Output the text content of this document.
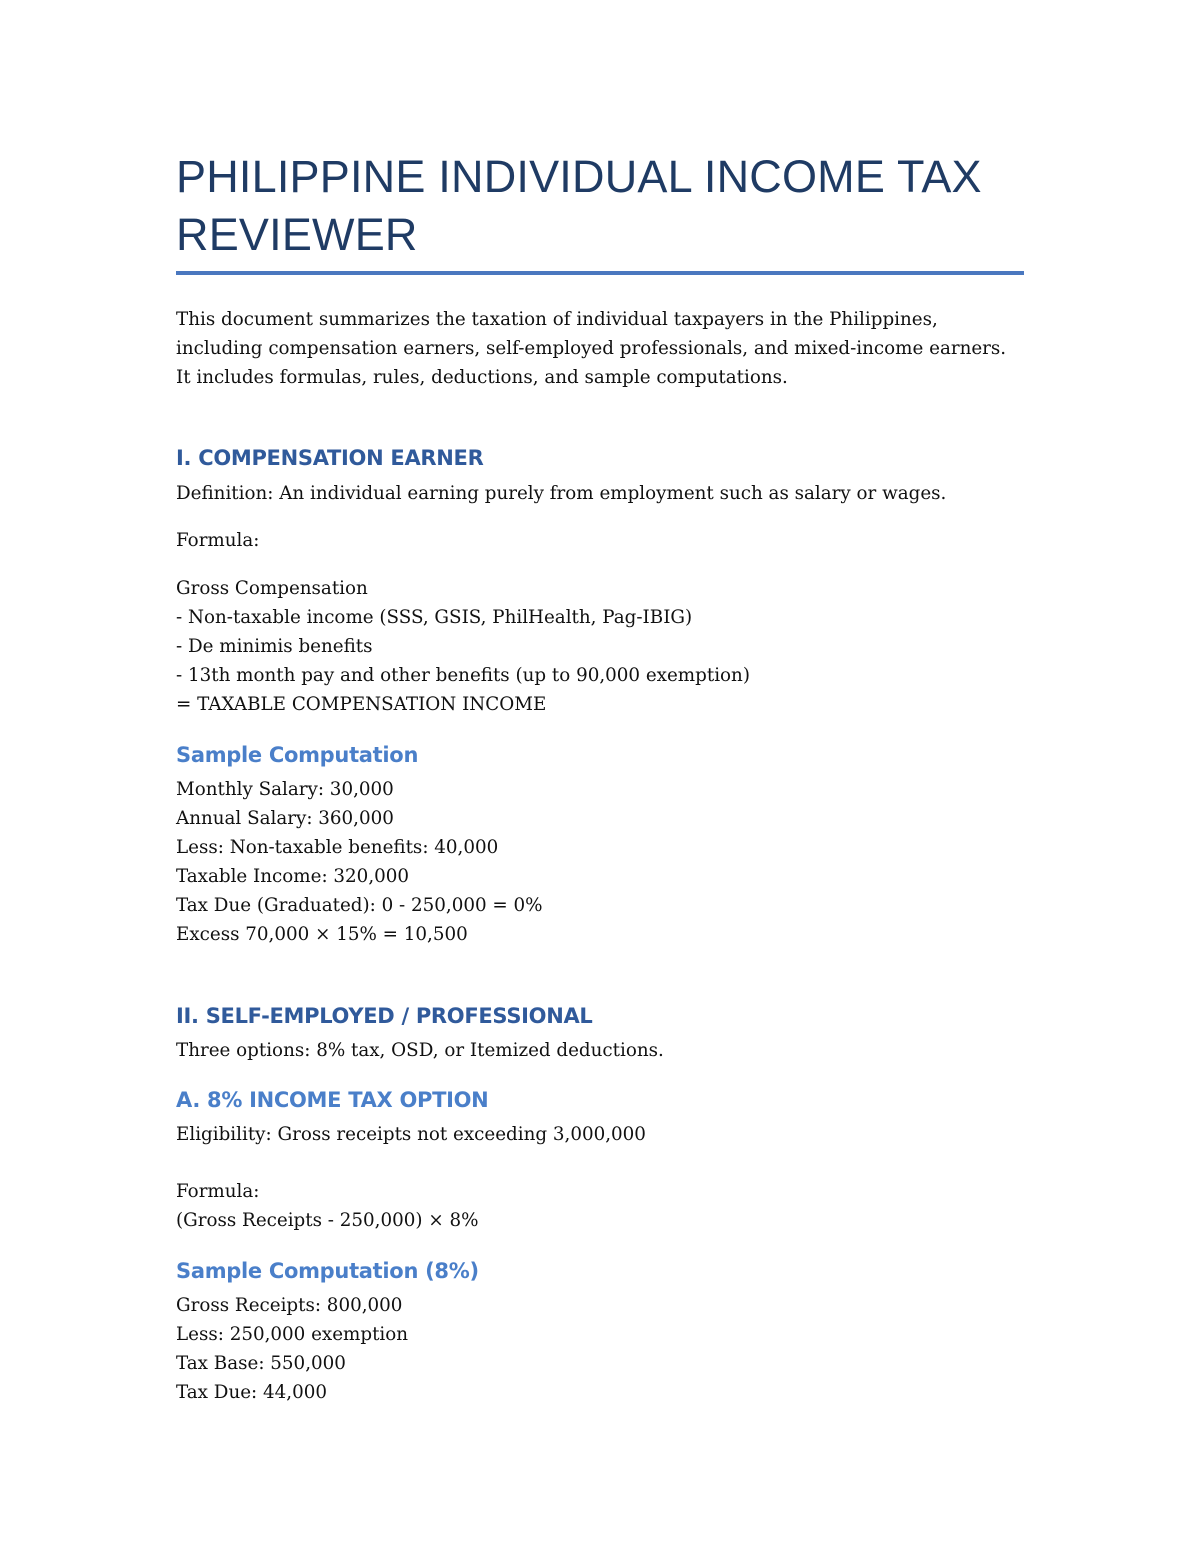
PHILIPPINE INDIVIDUAL INCOME TAX REVIEWER

This document summarizes the taxation of individual taxpayers in the Philippines, including compensation earners, self-employed professionals, and mixed-income earners. It includes formulas, rules, deductions, and sample computations.

I. COMPENSATION EARNER

Definition: An individual earning purely from employment such as salary or wages.

Formula:

Gross Compensation
- Non-taxable income (SSS, GSIS, PhilHealth, Pag-IBIG)
- De minimis benefits
- 13th month pay and other benefits (up to 90,000 exemption)
= TAXABLE COMPENSATION INCOME
Sample Computation
Monthly Salary: 30,000
Annual Salary: 360,000
Less: Non-taxable benefits: 40,000
Taxable Income: 320,000
Tax Due (Graduated): 0 - 250,000 = 0%
Excess 70,000 × 15% = 10,500
II. SELF-EMPLOYED / PROFESSIONAL

Three options: 8% tax, OSD, or Itemized deductions.

A. 8% INCOME TAX OPTION

Eligibility: Gross receipts not exceeding 3,000,000

Formula:
(Gross Receipts - 250,000) × 8%
Sample Computation (8%)
Gross Receipts: 800,000
Less: 250,000 exemption
Tax Base: 550,000
Tax Due: 44,000
